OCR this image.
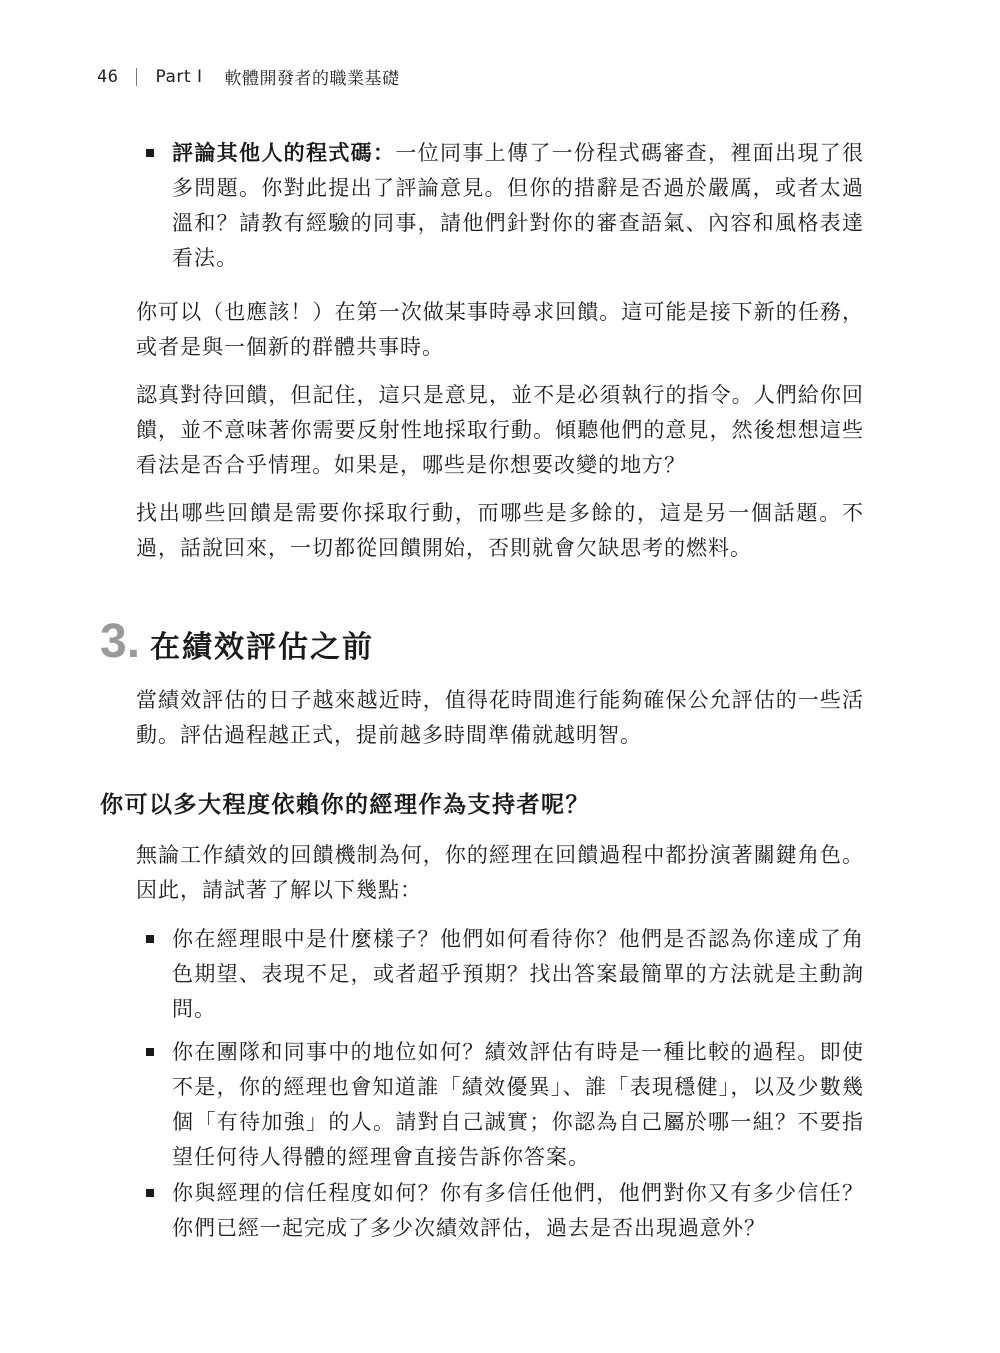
46 Part I 軟體開發者的職業基礎
評論其他人的程式碼：一位同事上傳了一份程式碼審查，裡面出現了很多問題。你對此提出了評論意見。但你的措辭是否過於嚴厲，或者太過溫和？請教有經驗的同事，請他們針對你的審查語氣、內容和風格表達看法。
你可以（也應該！）在第一次做某事時尋求回饋。這可能是接下新的任務，或者是與一個新的群體共事時。
認真對待回饋，但記住，這只是意見，並不是必須執行的指令。人們給你回饋，並不意味著你需要反射性地採取行動。傾聽他們的意見，然後想想這些看法是否合乎情理。如果是，哪些是你想要改變的地方？
找出哪些回饋是需要你採取行動，而哪些是多餘的，這是另一個話題。不過，話說回來，一切都從回饋開始，否則就會欠缺思考的燃料。
3. 在績效評估之前
當績效評估的日子越來越近時，值得花時間進行能夠確保公允評估的一些活動。評估過程越正式，提前越多時間準備就越明智。
你可以多大程度依賴你的經理作為支持者呢？
無論工作績效的回饋機制為何，你的經理在回饋過程中都扮演著關鍵角色。因此，請試著了解以下幾點：
你在經理眼中是什麼樣子？他們如何看待你？他們是否認為你達成了角色期望、表現不足，或者超乎預期？找出答案最簡單的方法就是主動詢問。
你在團隊和同事中的地位如何？績效評估有時是一種比較的過程。即使不是，你的經理也會知道誰「績效優異」、誰「表現穩健」，以及少數幾個「有待加強」的人。請對自己誠實；你認為自己屬於哪一組？不要指望任何待人得體的經理會直接告訴你答案。
你與經理的信任程度如何？你有多信任他們，他們對你又有多少信任？你們已經一起完成了多少次績效評估，過去是否出現過意外？
